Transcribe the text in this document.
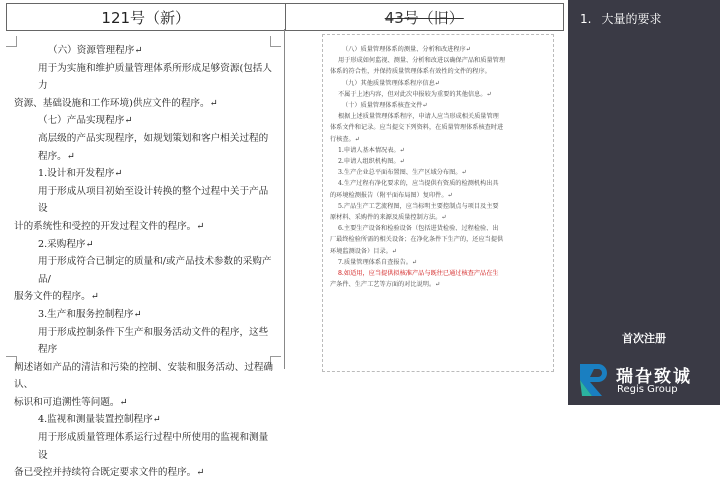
121号（新）	43号（旧）

（六）资源管理程序↵

用于为实施和维护质量管理体系所形成足够资源(包括人力

资源、基础设施和工作环境)供应文件的程序。↵

（七）产品实现程序↵

高层级的产品实现程序，如规划策划和客户相关过程的程序。↵

1.设计和开发程序↵

用于形成从项目初始至设计转换的整个过程中关于产品设

计的系统性和受控的开发过程文件的程序。↵

2.采购程序↵

用于形成符合已制定的质量和/或产品技术参数的采购产品/

服务文件的程序。↵

3.生产和服务控制程序↵

用于形成控制条件下生产和服务活动文件的程序，这些程序

阐述诸如产品的清洁和污染的控制、安装和服务活动、过程确认、

标识和可追溯性等问题。↵

4.监视和测量装置控制程序↵

用于形成质量管理体系运行过程中所使用的监视和测量设

备已受控并持续符合既定要求文件的程序。↵

（八）质量管理体系的测量、分析和改进程序↵

用于形成如何监视、测量、分析和改进以确保产品和质量管理

体系的符合性，并保持质量管理体系有效性的文件的程序。

（九）其他质量管理体系程序信息↵

不属于上述内容，但对此次申报较为重要的其他信息。↵

（十）质量管理体系核查文件↵

根据上述质量管理体系程序，申请人应当形成相关质量管理

体系文件和记录。应当提交下列资料，在质量管理体系核查时进

行核查。↵

1.申请人基本情况表。↵

2.申请人组织机构图。↵

3.生产企业总平面布置图、生产区域分布图。↵

4.生产过程有净化要求的，应当提供有资质的检测机构出具

的环境检测报告（附平面布局图）复印件。↵

5.产品生产工艺流程图，应当标明主要控制点与项目及主要

原材料、采购件的来源及质量控制方法。↵

6.主要生产设备和检验设备（包括进货检验、过程检验、出

厂最终检验所需的相关设备；在净化条件下生产的，还应当提供

环境监测设备）目录。↵

7.质量管理体系自查报告。↵

8.如适用，应当提供拟核准产品与既往已通过核查产品在生

产条件、生产工艺等方面的对比说明。↵

1. 大量的要求
首次注册
瑞旮致诚
Regis Group
